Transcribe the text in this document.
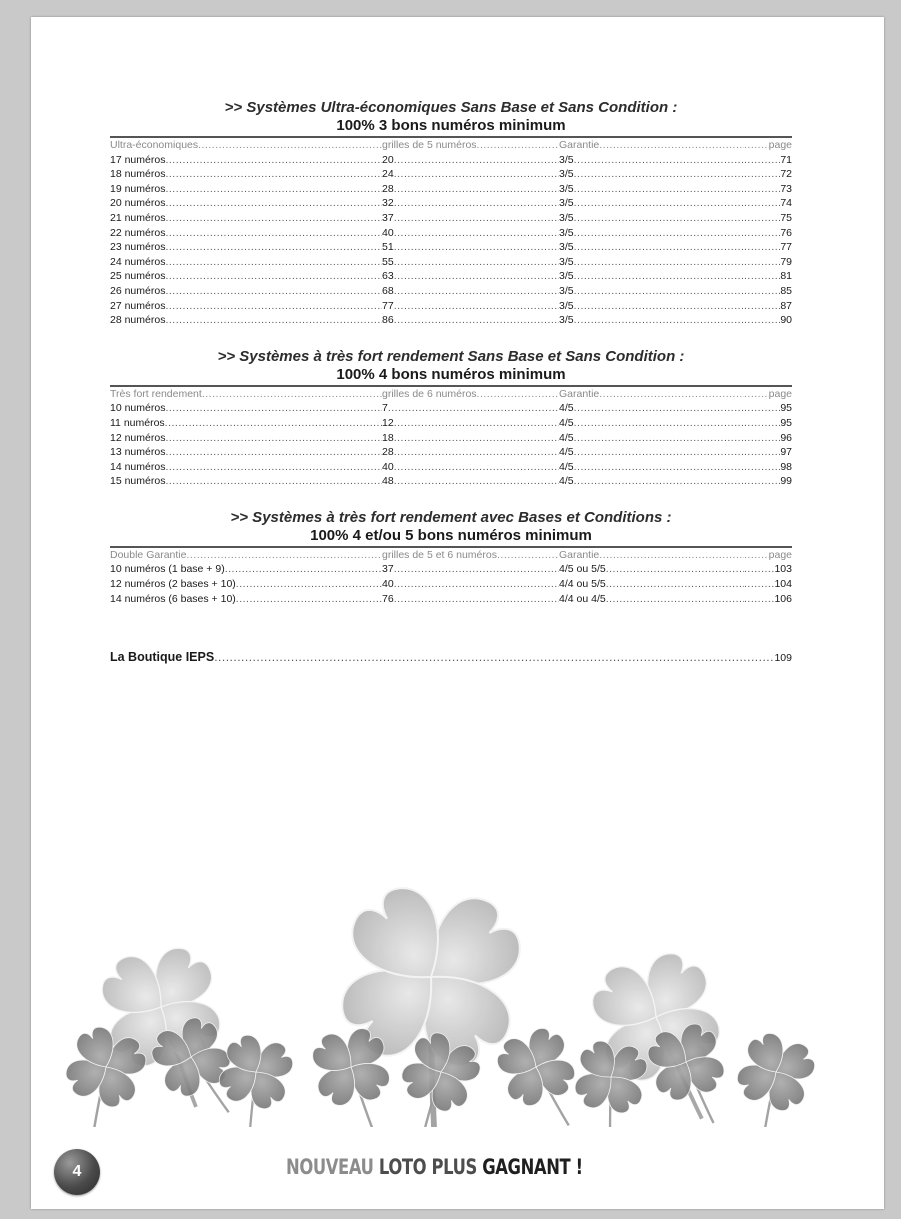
>> Systèmes Ultra-économiques Sans Base et Sans Condition :
100% 3 bons numéros minimum
Ultra-économiques .....	grilles de 5 numéros .....	Garantie ..... .....	page
17 numéros .....	20 .....	3/5 ..... .....	71
18 numéros .....	24 .....	3/5 ..... .....	72
19 numéros .....	28 .....	3/5 ..... .....	73
20 numéros .....	32 .....	3/5 ..... .....	74
21 numéros .....	37 .....	3/5 ..... .....	75
22 numéros .....	40 .....	3/5 ..... .....	76
23 numéros .....	51 .....	3/5 ..... .....	77
24 numéros .....	55 .....	3/5 ..... .....	79
25 numéros .....	63 .....	3/5 ..... .....	81
26 numéros .....	68 .....	3/5 ..... .....	85
27 numéros .....	77 .....	3/5 ..... .....	87
28 numéros .....	86 .....	3/5 ..... .....	90
>> Systèmes à très fort rendement Sans Base et Sans Condition :
100% 4 bons numéros minimum
Très fort rendement .....	grilles de 6 numéros .....	Garantie ..... .....	page
10 numéros .....	7 .....	4/5 ..... .....	95
11 numéros .....	12 .....	4/5 ..... .....	95
12 numéros .....	18 .....	4/5 ..... .....	96
13 numéros .....	28 .....	4/5 ..... .....	97
14 numéros .....	40 .....	4/5 ..... .....	98
15 numéros .....	48 .....	4/5 ..... .....	99
>> Systèmes à très fort rendement avec Bases et Conditions :
100% 4 et/ou 5 bons numéros minimum
Double Garantie .....	grilles de 5 et 6 numéros .....	Garantie ..... .....	page
10 numéros (1 base + 9) .....	37 .....	4/5 ou 5/5 ..... .....	103
12 numéros (2 bases + 10) .....	40 .....	4/4 ou 5/5 ..... .....	104
14 numéros (6 bases + 10) .....	76 .....	4/4 ou 4/5 ..... .....	106
La Boutique IEPS .....	109
4	NOUVEAU LOTO PLUS GAGNANT !
